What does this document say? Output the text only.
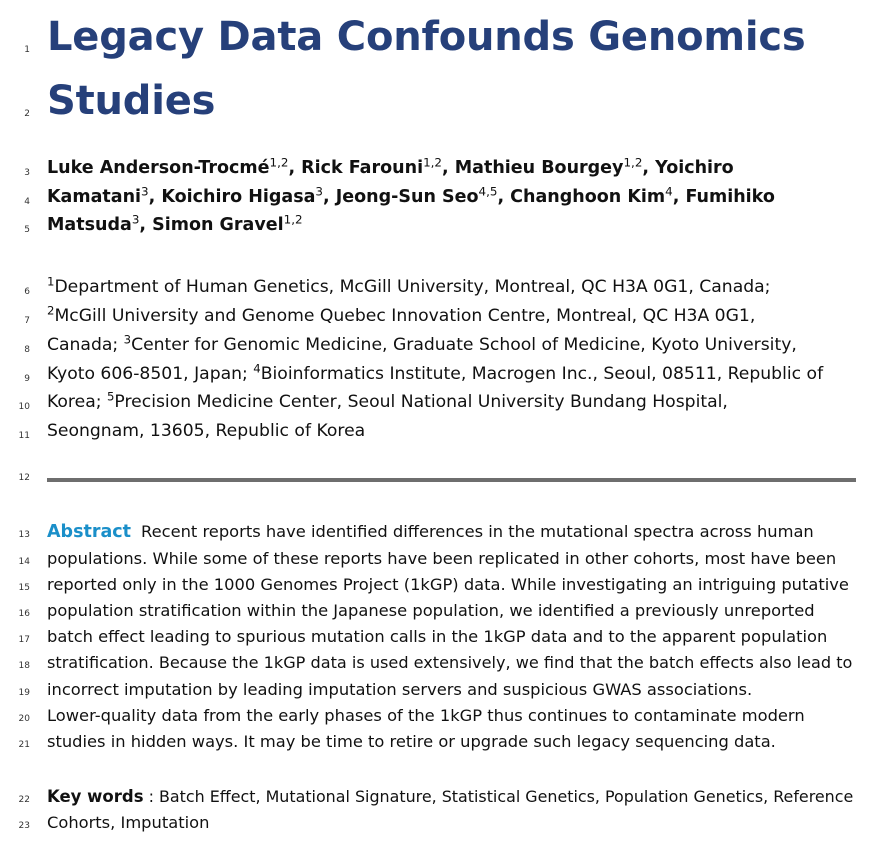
1
2
3
4
5
6
7
8
9
10
11
12
13
14
15
16
17
18
19
20
21
22
23
Legacy Data Confounds Genomics
Studies
Luke Anderson-Trocmé$^{1,2}$, Rick Farouni$^{1,2}$, Mathieu Bourgey$^{1,2}$, Yoichiro
Kamatani$^3$, Koichiro Higasa$^3$, Jeong-Sun Seo$^{4,5}$, Changhoon Kim$^4$, Fumihiko
Matsuda$^3$, Simon Gravel$^{1,2}$
$^1$Department of Human Genetics, McGill University, Montreal, QC H3A 0G1, Canada;
$^2$McGill University and Genome Quebec Innovation Centre, Montreal, QC H3A 0G1,
Canada; $^3$Center for Genomic Medicine, Graduate School of Medicine, Kyoto University,
Kyoto 606-8501, Japan; $^4$Bioinformatics Institute, Macrogen Inc., Seoul, 08511, Republic of
Korea; $^5$Precision Medicine Center, Seoul National University Bundang Hospital,
Seongnam, 13605, Republic of Korea
Abstract Recent reports have identified differences in the mutational spectra across human
populations. While some of these reports have been replicated in other cohorts, most have been
reported only in the 1000 Genomes Project (1kGP) data. While investigating an intriguing putative
population stratification within the Japanese population, we identified a previously unreported
batch effect leading to spurious mutation calls in the 1kGP data and to the apparent population
stratification. Because the 1kGP data is used extensively, we find that the batch effects also lead to
incorrect imputation by leading imputation servers and suspicious GWAS associations.
Lower-quality data from the early phases of the 1kGP thus continues to contaminate modern
studies in hidden ways. It may be time to retire or upgrade such legacy sequencing data.
Key words : Batch Effect, Mutational Signature, Statistical Genetics, Population Genetics, Reference
Cohorts, Imputation
